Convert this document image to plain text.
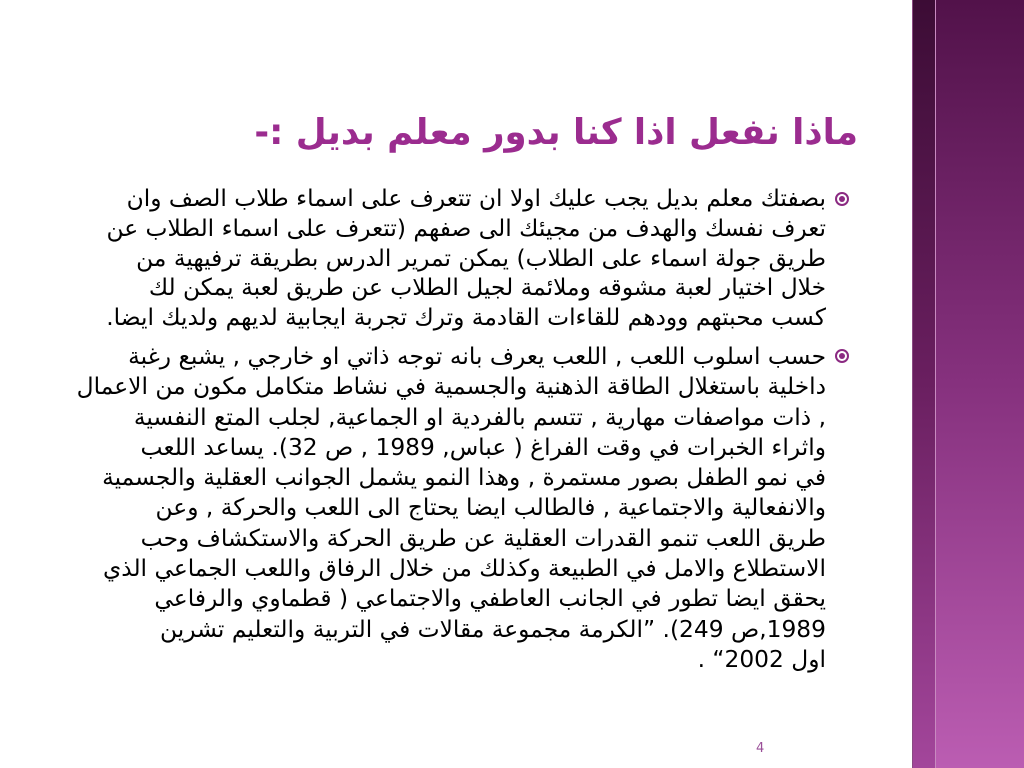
ماذا نفعل اذا كنا بدور معلم بديل :-
بصفتك معلم بديل يجب عليك اولا ان تتعرف على اسماء طلاب الصف وان
تعرف نفسك والهدف من مجيئك الى صفهم (تتعرف على اسماء الطلاب عن
طريق جولة اسماء على الطلاب) يمكن تمرير الدرس بطريقة ترفيهية من
خلال اختيار لعبة مشوقه وملائمة لجيل الطلاب عن طريق لعبة يمكن لك
كسب محبتهم وودهم للقاءات القادمة وترك تجربة ايجابية لديهم ولديك ايضا.
حسب اسلوب اللعب , اللعب يعرف بانه توجه ذاتي او خارجي , يشبع رغبة
داخلية باستغلال الطاقة الذهنية والجسمية في نشاط متكامل مكون من الاعمال
, ذات مواصفات مهارية , تتسم بالفردية او الجماعية, لجلب المتع النفسية
واثراء الخبرات في وقت الفراغ ( عباس, 1989 , ص 32). يساعد اللعب
في نمو الطفل بصور مستمرة , وهذا النمو يشمل الجوانب العقلية والجسمية
والانفعالية والاجتماعية , فالطالب ايضا يحتاج الى اللعب والحركة , وعن
طريق اللعب تنمو القدرات العقلية عن طريق الحركة والاستكشاف وحب
الاستطلاع والامل في الطبيعة وكذلك من خلال الرفاق واللعب الجماعي الذي
يحقق ايضا تطور في الجانب العاطفي والاجتماعي ( قطماوي والرفاعي
1989,ص 249). ”الكرمة مجموعة مقالات في التربية والتعليم تشرين
اول 2002“ .
4
